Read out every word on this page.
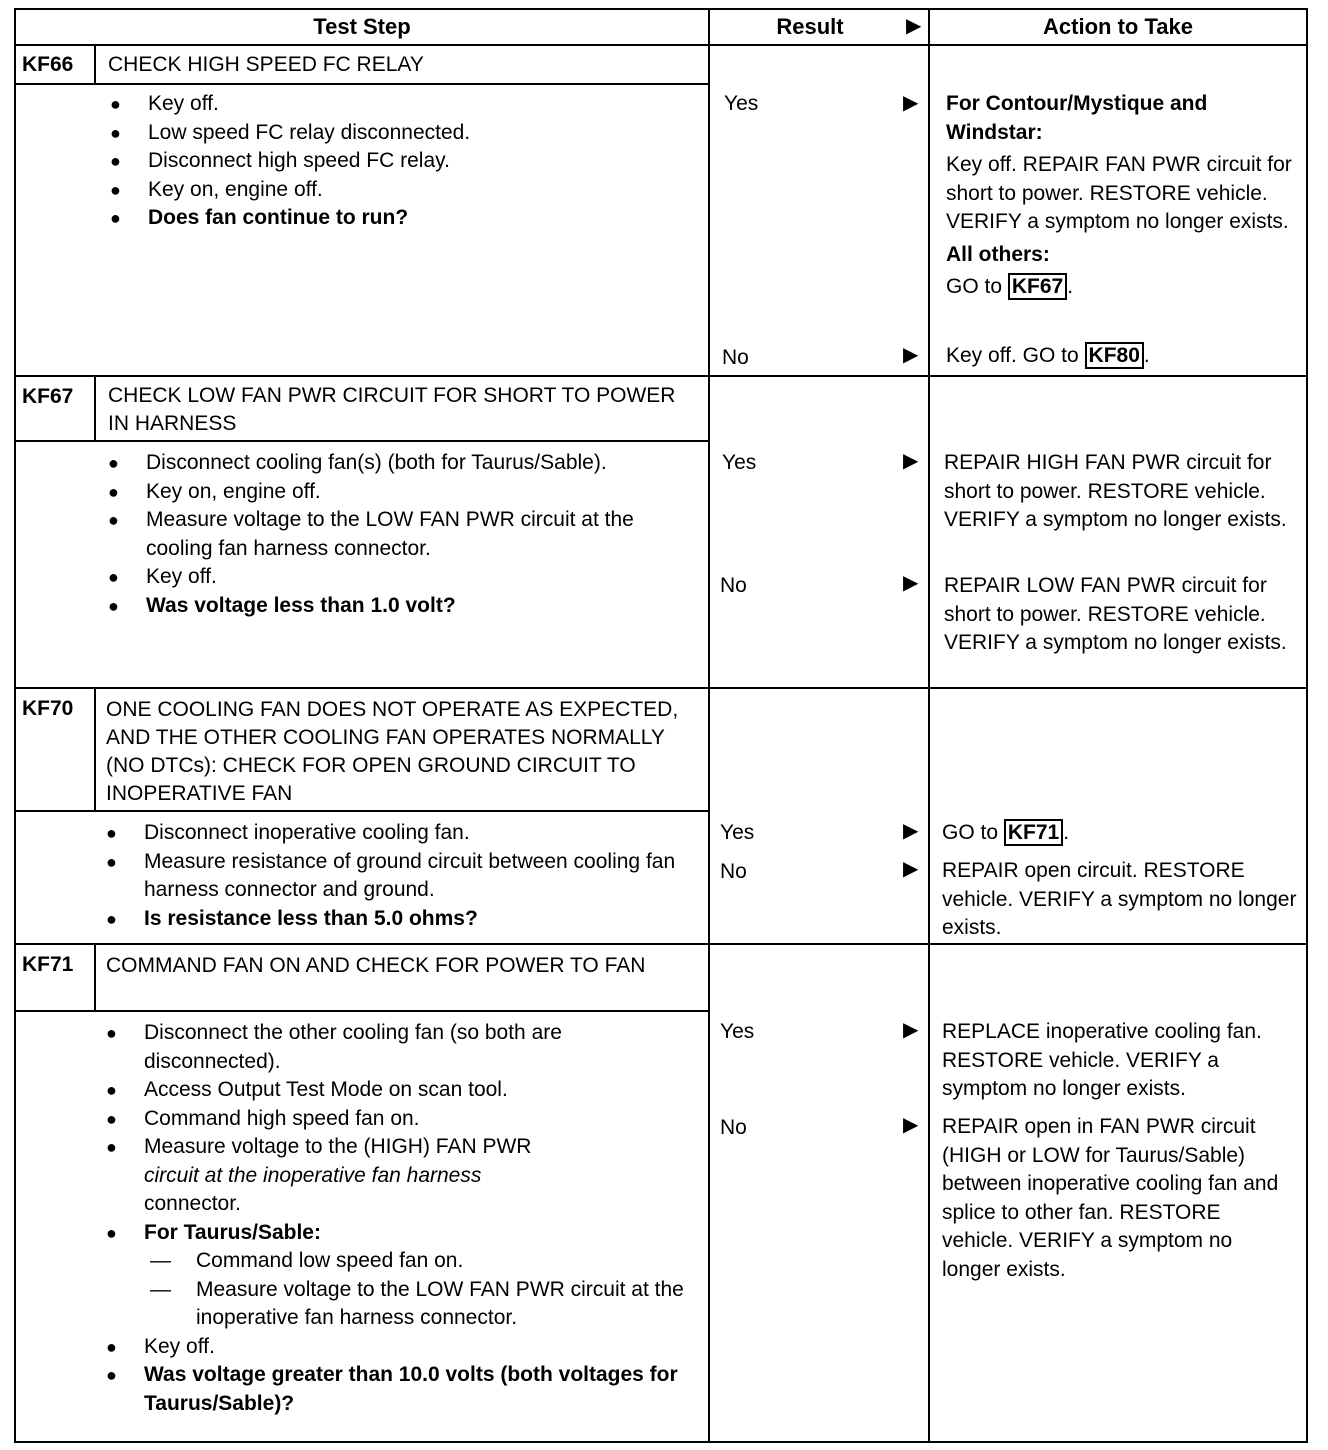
Test Step	Result	▶	Action to Take
KF66 CHECK HIGH SPEED FC RELAY
● Key off.
● Low speed FC relay disconnected.
● Disconnect high speed FC relay.
● Key on, engine off.
● Does fan continue to run?
Yes	▶ For Contour/Mystique and Windstar:
Key off. REPAIR FAN PWR circuit for short to power. RESTORE vehicle. VERIFY a symptom no longer exists.
All others:
GO to KF67 .
No	▶ Key off. GO to KF80 .
KF67 CHECK LOW FAN PWR CIRCUIT FOR SHORT TO POWER IN HARNESS
● Disconnect cooling fan(s) (both for Taurus/Sable).
● Key on, engine off.
● Measure voltage to the LOW FAN PWR circuit at the cooling fan harness connector.
● Key off.
● Was voltage less than 1.0 volt?
Yes	▶ REPAIR HIGH FAN PWR circuit for short to power. RESTORE vehicle. VERIFY a symptom no longer exists.
No	▶ REPAIR LOW FAN PWR circuit for short to power. RESTORE vehicle. VERIFY a symptom no longer exists.
KF70 ONE COOLING FAN DOES NOT OPERATE AS EXPECTED, AND THE OTHER COOLING FAN OPERATES NORMALLY (NO DTCs): CHECK FOR OPEN GROUND CIRCUIT TO INOPERATIVE FAN
● Disconnect inoperative cooling fan.
● Measure resistance of ground circuit between cooling fan harness connector and ground.
● Is resistance less than 5.0 ohms?
Yes	▶ GO to KF71 .
No	▶ REPAIR open circuit. RESTORE vehicle. VERIFY a symptom no longer exists.
KF71 COMMAND FAN ON AND CHECK FOR POWER TO FAN
● Disconnect the other cooling fan (so both are disconnected).
● Access Output Test Mode on scan tool.
● Command high speed fan on.
● Measure voltage to the (HIGH) FAN PWR
circuit at the inoperative fan harness
connector.
● For Taurus/Sable:
— Command low speed fan on.
— Measure voltage to the LOW FAN PWR circuit at the inoperative fan harness connector.
● Key off.
● Was voltage greater than 10.0 volts (both voltages for Taurus/Sable)?
Yes	▶ REPLACE inoperative cooling fan. RESTORE vehicle. VERIFY a symptom no longer exists.
No	▶ REPAIR open in FAN PWR circuit (HIGH or LOW for Taurus/Sable) between inoperative cooling fan and splice to other fan. RESTORE vehicle. VERIFY a symptom no longer exists.
